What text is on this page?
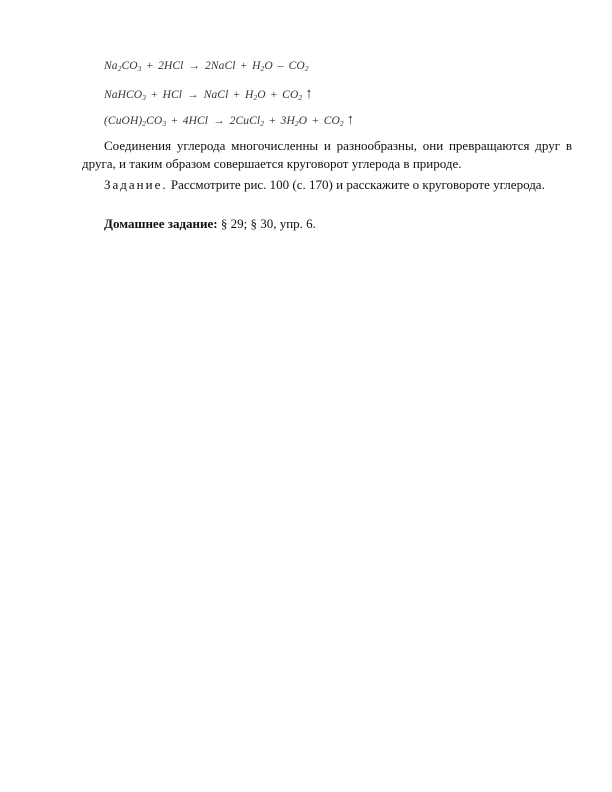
$Na_2CO_3 + 2HCl$ → 2NaCl + $H_2O - CO_2$
NaHCO$_3$ + HCl → NaCl + $H_2O + CO_2$ ↑
$(CuOH)_2CO_3 + 4HCl$ → 2CuCl$_2$ + $3H_2O + CO_2$ ↑
Соединения углерода многочисленны и разнообразны, они превращаются друг в друга, и таким образом совершается круговорот углерода в природе.
Задание. Рассмотрите рис. 100 (с. 170) и расскажите о круговороте углерода.
Домашнее задание: § 29; § 30, упр. 6.
